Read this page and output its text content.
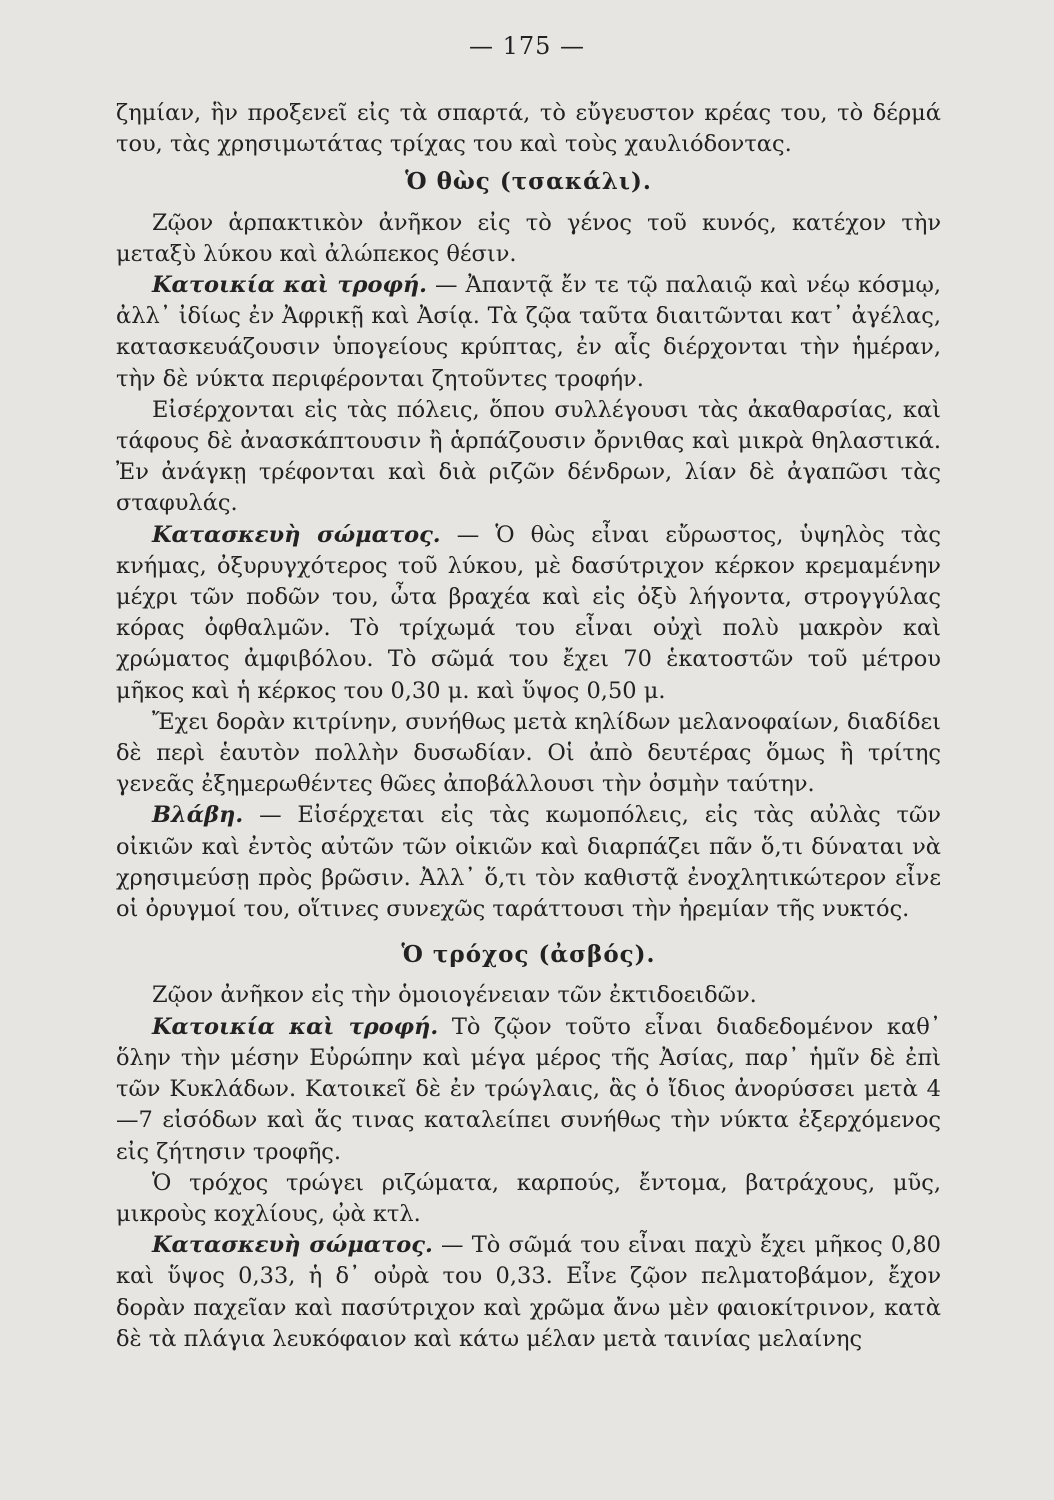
— 175 —

ζημίαν, ἣν προξενεῖ εἰς τὰ σπαρτά, τὸ εὔγευστον κρέας του, τὸ δέρμά του, τὰς χρησιμωτάτας τρίχας του καὶ τοὺς χαυλιόδοντας.

Ὁ θὼς (τσακάλι).

Ζῷον ἁρπακτικὸν ἀνῆκον εἰς τὸ γένος τοῦ κυνός, κατέχον τὴν μεταξὺ λύκου καὶ ἀλώπεκος θέσιν.

Κατοικία καὶ τροφή. — Ἀπαντᾷ ἔν τε τῷ παλαιῷ καὶ νέῳ κόσμῳ, ἀλλ᾽ ἰδίως ἐν Ἀφρικῇ καὶ Ἀσίᾳ. Τὰ ζῷα ταῦτα διαιτῶνται κατ᾽ ἀγέλας, κατασκευάζουσιν ὑπογείους κρύπτας, ἐν αἷς διέρχονται τὴν ἡμέραν, τὴν δὲ νύκτα περιφέρονται ζητοῦντες τροφήν.

Εἰσέρχονται εἰς τὰς πόλεις, ὅπου συλλέγουσι τὰς ἀκαθαρσίας, καὶ τάφους δὲ ἀνασκάπτουσιν ἢ ἁρπάζουσιν ὄρνιθας καὶ μικρὰ θηλαστικά. Ἐν ἀνάγκῃ τρέφονται καὶ διὰ ριζῶν δένδρων, λίαν δὲ ἀγαπῶσι τὰς σταφυλάς.

Κατασκευὴ σώματος. — Ὁ θὼς εἶναι εὔρωστος, ὑψηλὸς τὰς κνήμας, ὀξυρυγχότερος τοῦ λύκου, μὲ δασύτριχον κέρκον κρεμαμένην μέχρι τῶν ποδῶν του, ὦτα βραχέα καὶ εἰς ὀξὺ λήγοντα, στρογγύλας κόρας ὀφθαλμῶν. Τὸ τρίχωμά του εἶναι οὐχὶ πολὺ μακρὸν καὶ χρώματος ἀμφιβόλου. Τὸ σῶμά του ἔχει 70 ἑκατοστῶν τοῦ μέτρου μῆκος καὶ ἡ κέρκος του 0,30 μ. καὶ ὕψος 0,50 μ.

Ἔχει δορὰν κιτρίνην, συνήθως μετὰ κηλίδων μελανοφαίων, διαδίδει δὲ περὶ ἑαυτὸν πολλὴν δυσωδίαν. Οἱ ἀπὸ δευτέρας ὅμως ἢ τρίτης γενεᾶς ἐξημερωθέντες θῶες ἀποβάλλουσι τὴν ὀσμὴν ταύτην.

Βλάβη. — Εἰσέρχεται εἰς τὰς κωμοπόλεις, εἰς τὰς αὐλὰς τῶν οἰκιῶν καὶ ἐντὸς αὐτῶν τῶν οἰκιῶν καὶ διαρπάζει πᾶν ὅ,τι δύναται νὰ χρησιμεύσῃ πρὸς βρῶσιν. Ἀλλ᾽ ὅ,τι τὸν καθιστᾷ ἐνοχλητικώτερον εἶνε οἱ ὀρυγμοί του, οἵτινες συνεχῶς ταράττουσι τὴν ἠρεμίαν τῆς νυκτός.

Ὁ τρόχος (ἀσβός).

Ζῷον ἀνῆκον εἰς τὴν ὁμοιογένειαν τῶν ἐκτιδοειδῶν.

Κατοικία καὶ τροφή. Τὸ ζῷον τοῦτο εἶναι διαδεδομένον καθ᾽ ὅλην τὴν μέσην Εὐρώπην καὶ μέγα μέρος τῆς Ἀσίας, παρ᾽ ἡμῖν δὲ ἐπὶ τῶν Κυκλάδων. Κατοικεῖ δὲ ἐν τρώγλαις, ἃς ὁ ἴδιος ἀνορύσσει μετὰ 4—7 εἰσόδων καὶ ἅς τινας καταλείπει συνήθως τὴν νύκτα ἐξερχόμενος εἰς ζήτησιν τροφῆς.

Ὁ τρόχος τρώγει ριζώματα, καρπούς, ἔντομα, βατράχους, μῦς, μικροὺς κοχλίους, ᾠὰ κτλ.

Κατασκευὴ σώματος. — Τὸ σῶμά του εἶναι παχὺ ἔχει μῆκος 0,80 καὶ ὕψος 0,33, ἡ δ᾽ οὐρὰ του 0,33. Εἶνε ζῷον πελματοβάμον, ἔχον δορὰν παχεῖαν καὶ πασύτριχον καὶ χρῶμα ἄνω μὲν φαιοκίτρινον, κατὰ δὲ τὰ πλάγια λευκόφαιον καὶ κάτω μέλαν μετὰ ταινίας μελαίνης
